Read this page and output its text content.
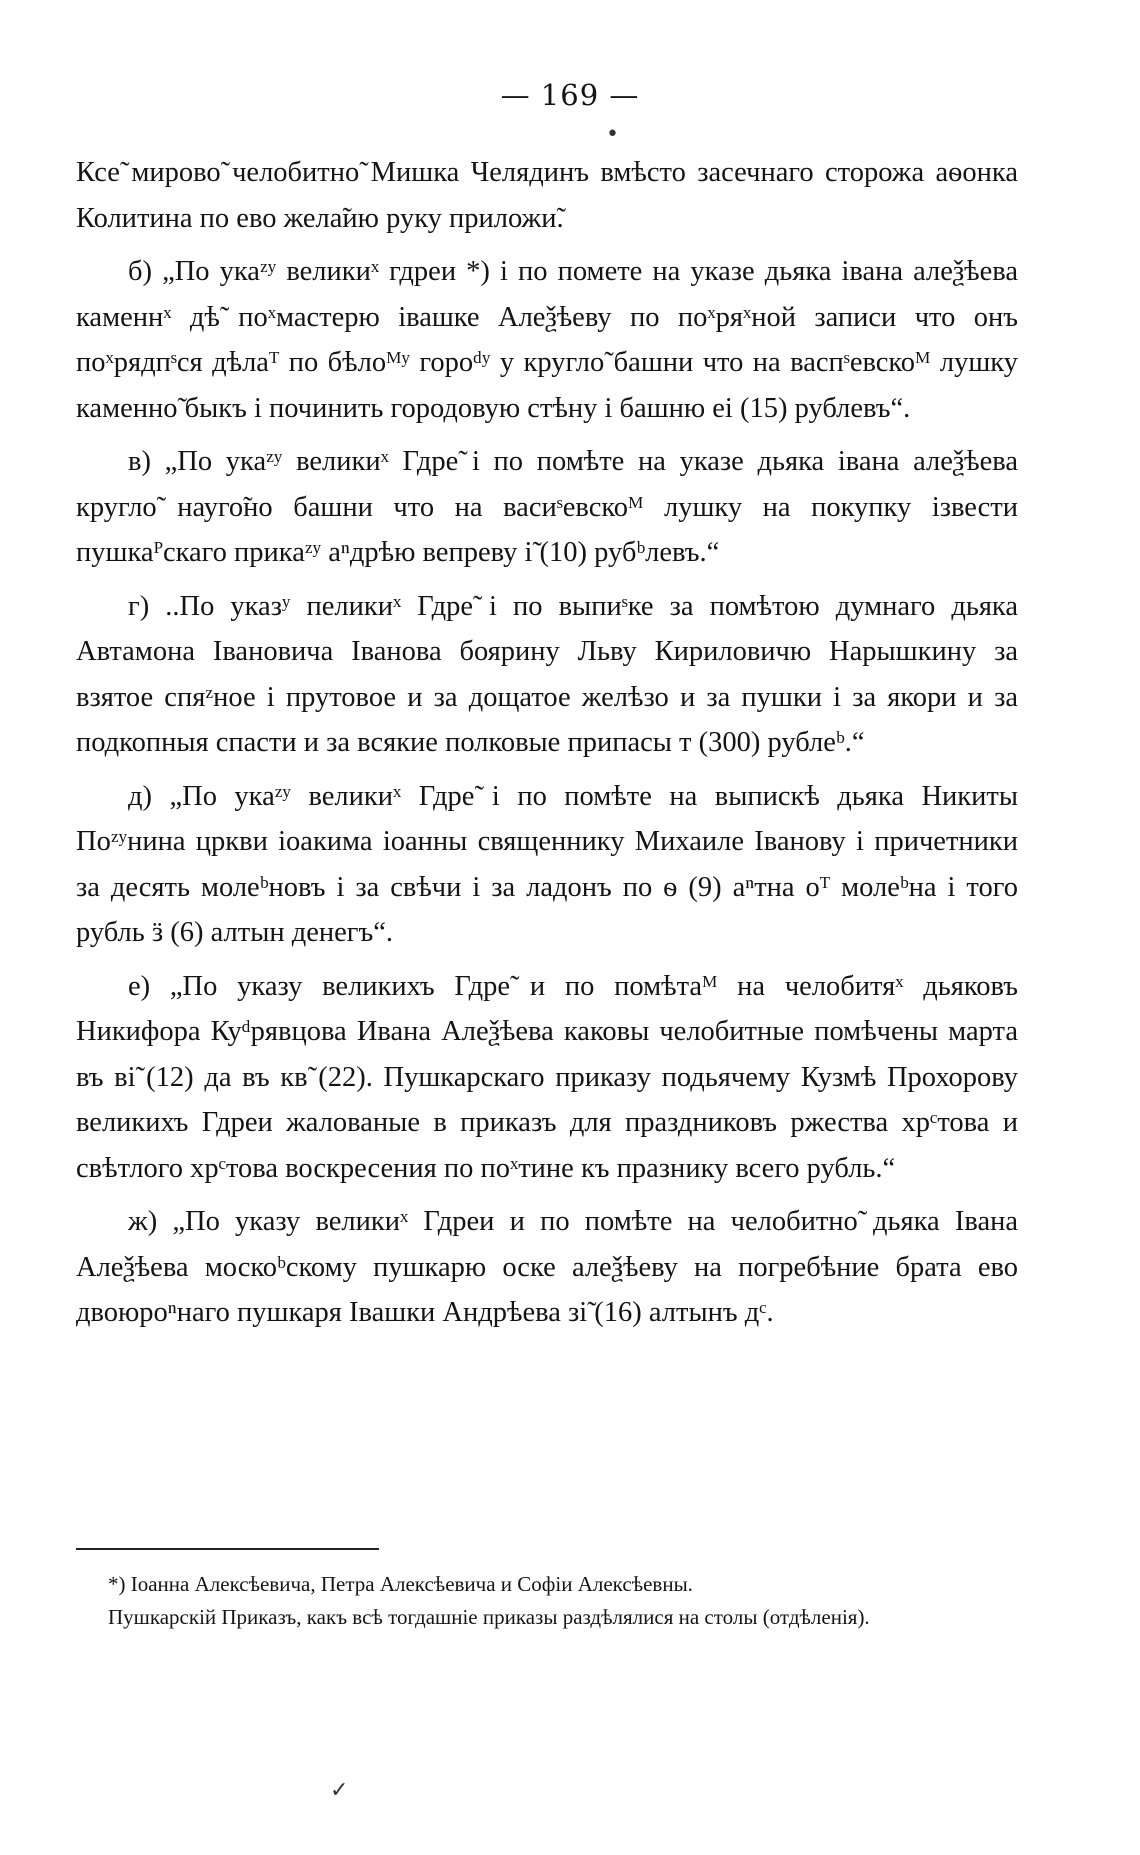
— 169 —

Ксе̃ мирово̃ челобитно̃ Мишка Челядинъ вмѣсто засечнаго сторожа аѳонка Колитина по ево жела̃ию руку приложи̃.

б) „По укаᶻʸ великиˣ гдреи *) і по помете на указе дьяка івана алеѯѣева каменнˣ дѣ̃ поˣмастерю івашке Алеѯѣеву по поˣряˣной записи что онъ поˣрядпˢся дѣлаᵀ по бѣлоᴹʸ гороᵈʸ у кругло̃ башни что на васпˢевскоᴹ лушку каменно̃ быкъ і починить городовую стѣну і башню еі (15) рублевъ“.

в) „По укаᶻʸ великиˣ Гдре̃ і по помѣте на указе дьяка івана алеѯѣева кругло̃ науго̃но башни что на васиˢевскоᴹ лушку на покупку ізвести пушкаᴾскаго прикаᶻʸ аⁿдрѣю вепреву і̃ (10) рубᵇлевъ.“

г) ..По указʸ пеликиˣ Гдре̃ і по выпиˢке за помѣтою думнаго дьяка Автамона Івановича Іванова боярину Льву Кириловичю Нарышкину за взятое спяᶻное і прутовое и за дощатое желѣзо и за пушки і за якори и за подкопныя спасти и за всякие полковые припасы т (300) рублеᵇ.“

д) „По укаᶻʸ великиˣ Гдре̃ і по помѣте на выпискѣ дьяка Никиты Поᶻʸнина цркви іоакима іоанны священнику Михаиле Іванову і причетники за десять молеᵇновъ і за свѣчи і за ладонъ по ѳ (9) аⁿтна оᵀ молеᵇна і того рубль ӟ (6) алтын денегъ“.

е) „По указу великихъ Гдре̃ и по помѣтаᴹ на челобитяˣ дьяковъ Никифора Куᵈрявцова Ивана Алеѯѣева каковы челобитные помѣчены марта въ ві̃ (12) да въ кв̃ (22). Пушкарскаго приказу подьячему Кузмѣ Прохорову великихъ Гдреи жалованые в приказъ для праздниковъ ржества хрᶜтова и свѣтлого хрᶜтова воскресения по поˣтине къ празнику всего рубль.“

ж) „По указу великиˣ Гдреи и по помѣте на челобитно̃ дьяка Івана Алеѯѣева москоᵇскому пушкарю оске алеѯѣеву на погребѣние брата ево двоюроⁿнаго пушкаря Івашки Андрѣева зі̃ (16) алтынъ дᶜ.

*) Іоанна Алексѣевича, Петра Алексѣевича и Софіи Алексѣевны.

Пушкарскій Приказъ, какъ всѣ тогдашніе приказы раздѣлялися на столы (отдѣленія).

•
✓
